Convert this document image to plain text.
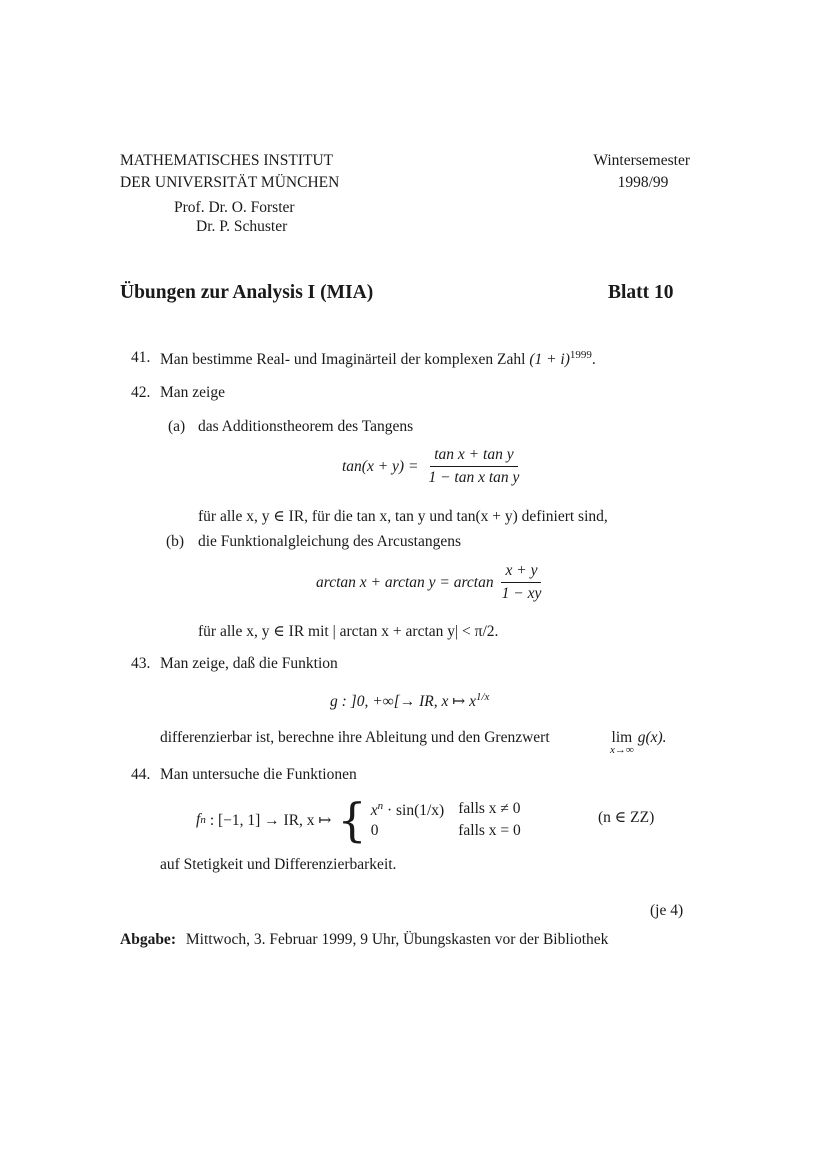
MATHEMATISCHES INSTITUT
DER UNIVERSITÄT MÜNCHEN
Prof. Dr. O. Forster
Dr. P. Schuster
Wintersemester
1998/99
Übungen zur Analysis I (MIA)	Blatt 10
41. Man bestimme Real- und Imaginärteil der komplexen Zahl $(1 + i)^{1999}$.
42. Man zeige
(a) das Additionstheorem des Tangens
$\tan(x + y) = \frac{\text{tan x + tan y}}{\text{1 − tan x tan y}}$
für alle x, y ∈ IR, für die tan x, tan y und tan(x + y) definiert sind,
(b) die Funktionalgleichung des Arcustangens
$\arctan x + \arctan y = \arctan \frac{x + y}{1 - xy}$
für alle x, y ∈ IR mit | arctan x + arctan y| < π/2.
43. Man zeige, daß die Funktion
g : ]0, +∞[→ IR, x ↦ $x^{1/x}$
differenzierbar ist, berechne ihre Ableitung und den Grenzwert	lim
x→∞
g(x).
44. Man untersuche die Funktionen
f n : [−1, 1] → IR, x ↦ { $x^n \cdot \sin(1/x)$ falls x ≠ 0
0	falls x = 0
(n ∈ ZZ)
auf Stetigkeit und Differenzierbarkeit.
(je 4)
Abgabe: Mittwoch, 3. Februar 1999, 9 Uhr, Übungskasten vor der Bibliothek
